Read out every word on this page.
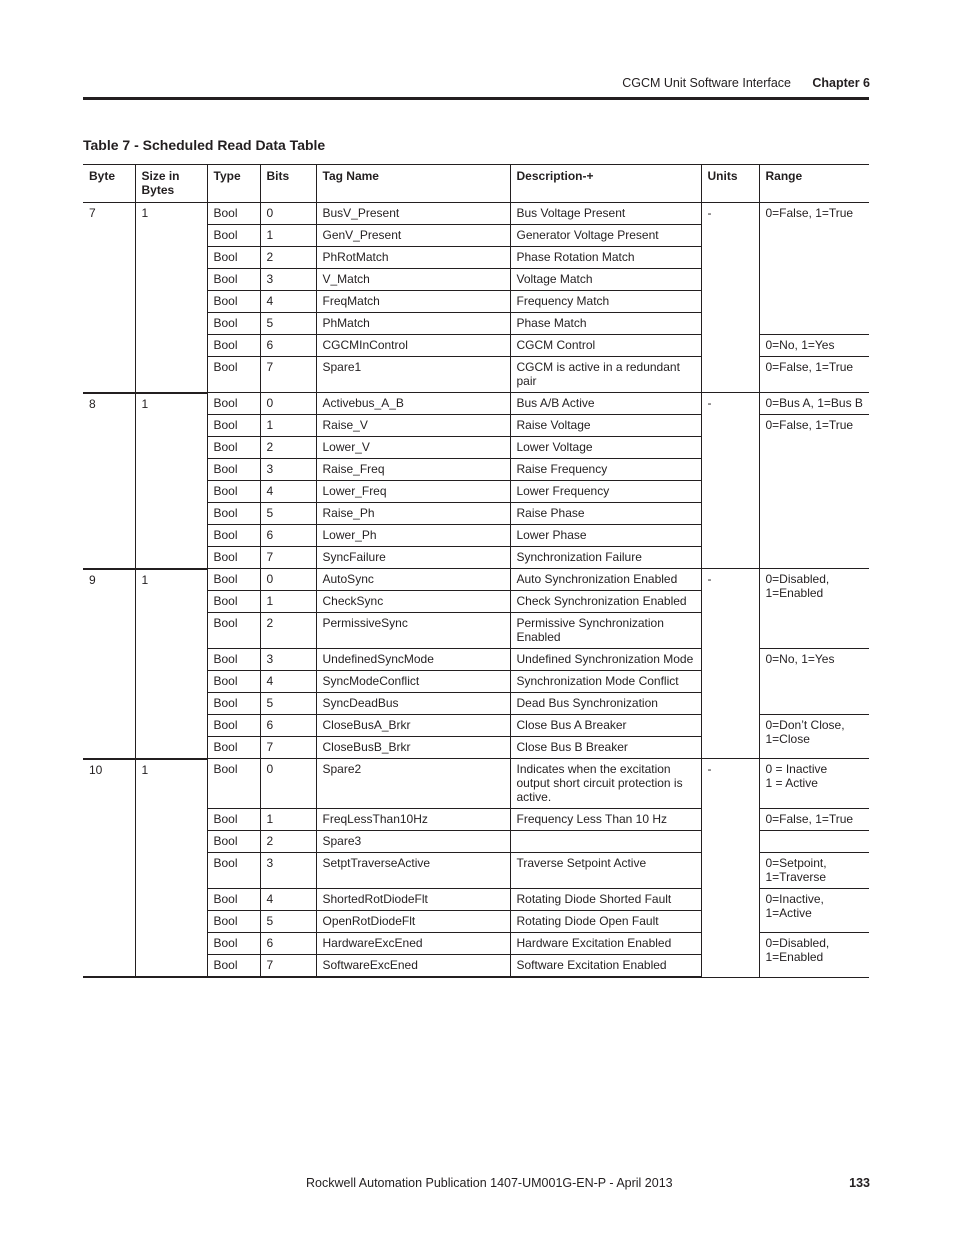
CGCM Unit Software Interface Chapter 6
Table 7 - Scheduled Read Data Table
Byte	Size in Bytes	Type	Bits	Tag Name	Description-+	Units	Range
7	1	Bool	0	BusV_Present	Bus Voltage Present	-	0=False, 1=True
		Bool	1	GenV_Present	Generator Voltage Present		
		Bool	2	PhRotMatch	Phase Rotation Match		
		Bool	3	V_Match	Voltage Match		
		Bool	4	FreqMatch	Frequency Match		
		Bool	5	PhMatch	Phase Match		
		Bool	6	CGCMInControl	CGCM Control		0=No, 1=Yes
		Bool	7	Spare1	CGCM is active in a redundant pair		0=False, 1=True
8	1	Bool	0	Activebus_A_B	Bus A/B Active	-	0=Bus A, 1=Bus B
		Bool	1	Raise_V	Raise Voltage		0=False, 1=True
		Bool	2	Lower_V	Lower Voltage		
		Bool	3	Raise_Freq	Raise Frequency		
		Bool	4	Lower_Freq	Lower Frequency		
		Bool	5	Raise_Ph	Raise Phase		
		Bool	6	Lower_Ph	Lower Phase		
		Bool	7	SyncFailure	Synchronization Failure		
9	1	Bool	0	AutoSync	Auto Synchronization Enabled	-	0=Disabled, 1=Enabled
		Bool	1	CheckSync	Check Synchronization Enabled		
		Bool	2	PermissiveSync	Permissive Synchronization Enabled		
		Bool	3	UndefinedSyncMode	Undefined Synchronization Mode		0=No, 1=Yes
		Bool	4	SyncModeConflict	Synchronization Mode Conflict		
		Bool	5	SyncDeadBus	Dead Bus Synchronization		
		Bool	6	CloseBusA_Brkr	Close Bus A Breaker		0=Don’t Close, 1=Close
		Bool	7	CloseBusB_Brkr	Close Bus B Breaker		
10	1	Bool	0	Spare2	Indicates when the excitation output short circuit protection is active.	-	0 = Inactive
1 = Active
		Bool	1	FreqLessThan10Hz	Frequency Less Than 10 Hz		0=False, 1=True
		Bool	2	Spare3			
		Bool	3	SetptTraverseActive	Traverse Setpoint Active		0=Setpoint, 1=Traverse
		Bool	4	ShortedRotDiodeFlt	Rotating Diode Shorted Fault		0=Inactive, 1=Active
		Bool	5	OpenRotDiodeFlt	Rotating Diode Open Fault		
		Bool	6	HardwareExcEned	Hardware Excitation Enabled		0=Disabled, 1=Enabled
		Bool	7	SoftwareExcEned	Software Excitation Enabled		
Rockwell Automation Publication 1407-UM001G-EN-P - April 2013	133
